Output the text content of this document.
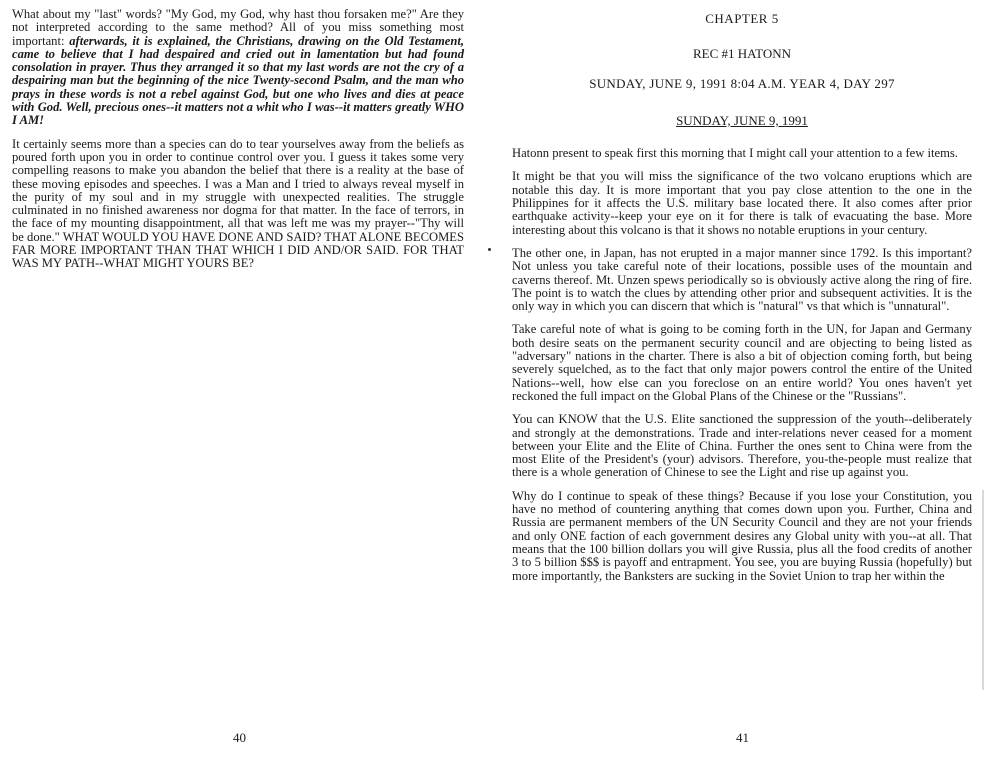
What about my "last" words? "My God, my God, why hast thou forsaken me?" Are they not interpreted according to the same method? All of you miss something most important: afterwards, it is explained, the Christians, drawing on the Old Testament, came to believe that I had despaired and cried out in lamentation but had found consolation in prayer. Thus they arranged it so that my last words are not the cry of a despairing man but the beginning of the nice Twenty-second Psalm, and the man who prays in these words is not a rebel against God, but one who lives and dies at peace with God. Well, precious ones--it matters not a whit who I was--it matters greatly WHO I AM!

It certainly seems more than a species can do to tear yourselves away from the beliefs as poured forth upon you in order to continue control over you. I guess it takes some very compelling reasons to make you abandon the belief that there is a reality at the base of these moving episodes and speeches. I was a Man and I tried to always reveal myself in the purity of my soul and in my struggle with unexpected realities. The struggle culminated in no finished awareness nor dogma for that matter. In the face of terrors, in the face of my mounting disappointment, all that was left me was my prayer--"Thy will be done." WHAT WOULD YOU HAVE DONE AND SAID? THAT ALONE BECOMES FAR MORE IMPORTANT THAN THAT WHICH I DID AND/OR SAID. FOR THAT WAS MY PATH--WHAT MIGHT YOURS BE?

40

CHAPTER 5

REC #1 HATONN

SUNDAY, JUNE 9, 1991 8:04 A.M. YEAR 4, DAY 297

SUNDAY, JUNE 9, 1991

Hatonn present to speak first this morning that I might call your attention to a few items.

It might be that you will miss the significance of the two volcano eruptions which are notable this day. It is more important that you pay close attention to the one in the Philippines for it affects the U.S. military base located there. It also comes after prior earthquake activity--keep your eye on it for there is talk of evacuating the base. More interesting about this volcano is that it shows no notable eruptions in your century.

The other one, in Japan, has not erupted in a major manner since 1792. Is this important? Not unless you take careful note of their locations, possible uses of the mountain and caverns thereof. Mt. Unzen spews periodically so is obviously active along the ring of fire. The point is to watch the clues by attending other prior and subsequent activities. It is the only way in which you can discern that which is "natural" vs that which is "unnatural".

Take careful note of what is going to be coming forth in the UN, for Japan and Germany both desire seats on the permanent security council and are objecting to being listed as "adversary" nations in the charter. There is also a bit of objection coming forth, but being severely squelched, as to the fact that only major powers control the entire of the United Nations--well, how else can you foreclose on an entire world? You ones haven't yet reckoned the full impact on the Global Plans of the Chinese or the "Russians".

You can KNOW that the U.S. Elite sanctioned the suppression of the youth--deliberately and strongly at the demonstrations. Trade and inter-relations never ceased for a moment between your Elite and the Elite of China. Further the ones sent to China were from the most Elite of the President's (your) advisors. Therefore, you-the-people must realize that there is a whole generation of Chinese to see the Light and rise up against you.

Why do I continue to speak of these things? Because if you lose your Constitution, you have no method of countering anything that comes down upon you. Further, China and Russia are permanent members of the UN Security Council and they are not your friends and only ONE faction of each government desires any Global unity with you--at all. That means that the 100 billion dollars you will give Russia, plus all the food credits of another 3 to 5 billion $$$ is payoff and entrapment. You see, you are buying Russia (hopefully) but more importantly, the Banksters are sucking in the Soviet Union to trap her within the

41
